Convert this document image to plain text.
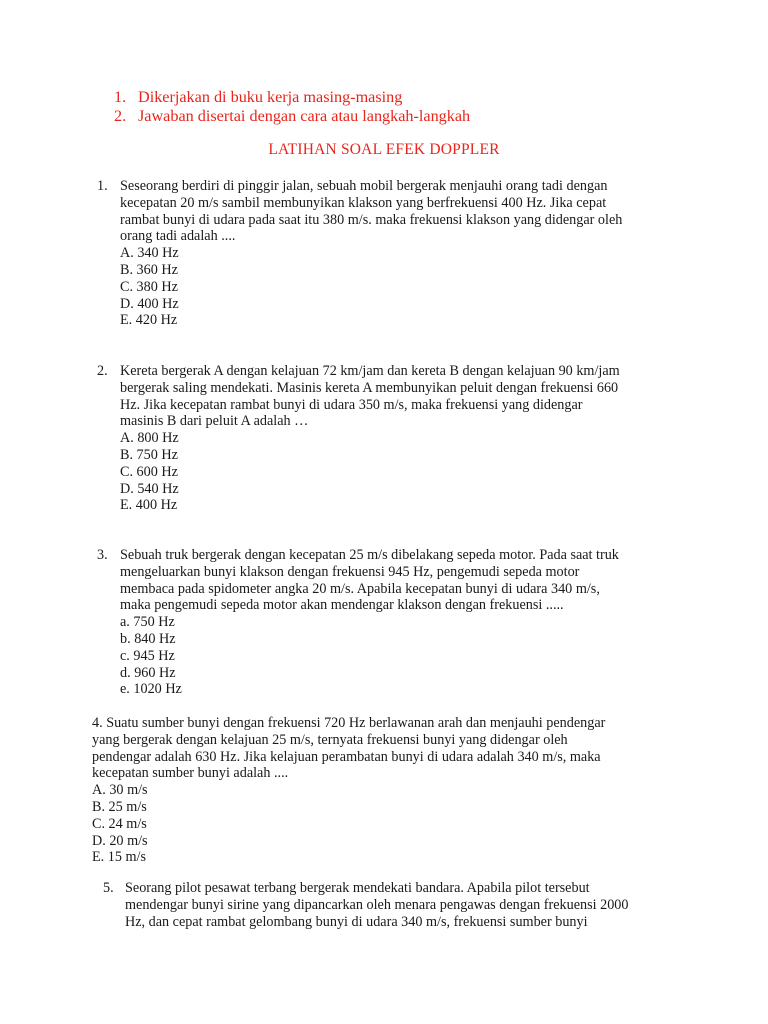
1. Dikerjakan di buku kerja masing-masing
2. Jawaban disertai dengan cara atau langkah-langkah
LATIHAN SOAL EFEK DOPPLER
1. Seseorang berdiri di pinggir jalan, sebuah mobil bergerak menjauhi orang tadi dengan
kecepatan 20 m/s sambil membunyikan klakson yang berfrekuensi 400 Hz. Jika cepat
rambat bunyi di udara pada saat itu 380 m/s. maka frekuensi klakson yang didengar oleh
orang tadi adalah ....
A. 340 Hz
B. 360 Hz
C. 380 Hz
D. 400 Hz
E. 420 Hz
2. Kereta bergerak A dengan kelajuan 72 km/jam dan kereta B dengan kelajuan 90 km/jam
bergerak saling mendekati. Masinis kereta A membunyikan peluit dengan frekuensi 660
Hz. Jika kecepatan rambat bunyi di udara 350 m/s, maka frekuensi yang didengar
masinis B dari peluit A adalah …
A. 800 Hz
B. 750 Hz
C. 600 Hz
D. 540 Hz
E. 400 Hz
3. Sebuah truk bergerak dengan kecepatan 25 m/s dibelakang sepeda motor. Pada saat truk
mengeluarkan bunyi klakson dengan frekuensi 945 Hz, pengemudi sepeda motor
membaca pada spidometer angka 20 m/s. Apabila kecepatan bunyi di udara 340 m/s,
maka pengemudi sepeda motor akan mendengar klakson dengan frekuensi .....
a. 750 Hz
b. 840 Hz
c. 945 Hz
d. 960 Hz
e. 1020 Hz
4. Suatu sumber bunyi dengan frekuensi 720 Hz berlawanan arah dan menjauhi pendengar
yang bergerak dengan kelajuan 25 m/s, ternyata frekuensi bunyi yang didengar oleh
pendengar adalah 630 Hz. Jika kelajuan perambatan bunyi di udara adalah 340 m/s, maka
kecepatan sumber bunyi adalah ....
A. 30 m/s
B. 25 m/s
C. 24 m/s
D. 20 m/s
E. 15 m/s
5. Seorang pilot pesawat terbang bergerak mendekati bandara. Apabila pilot tersebut
mendengar bunyi sirine yang dipancarkan oleh menara pengawas dengan frekuensi 2000
Hz, dan cepat rambat gelombang bunyi di udara 340 m/s, frekuensi sumber bunyi
